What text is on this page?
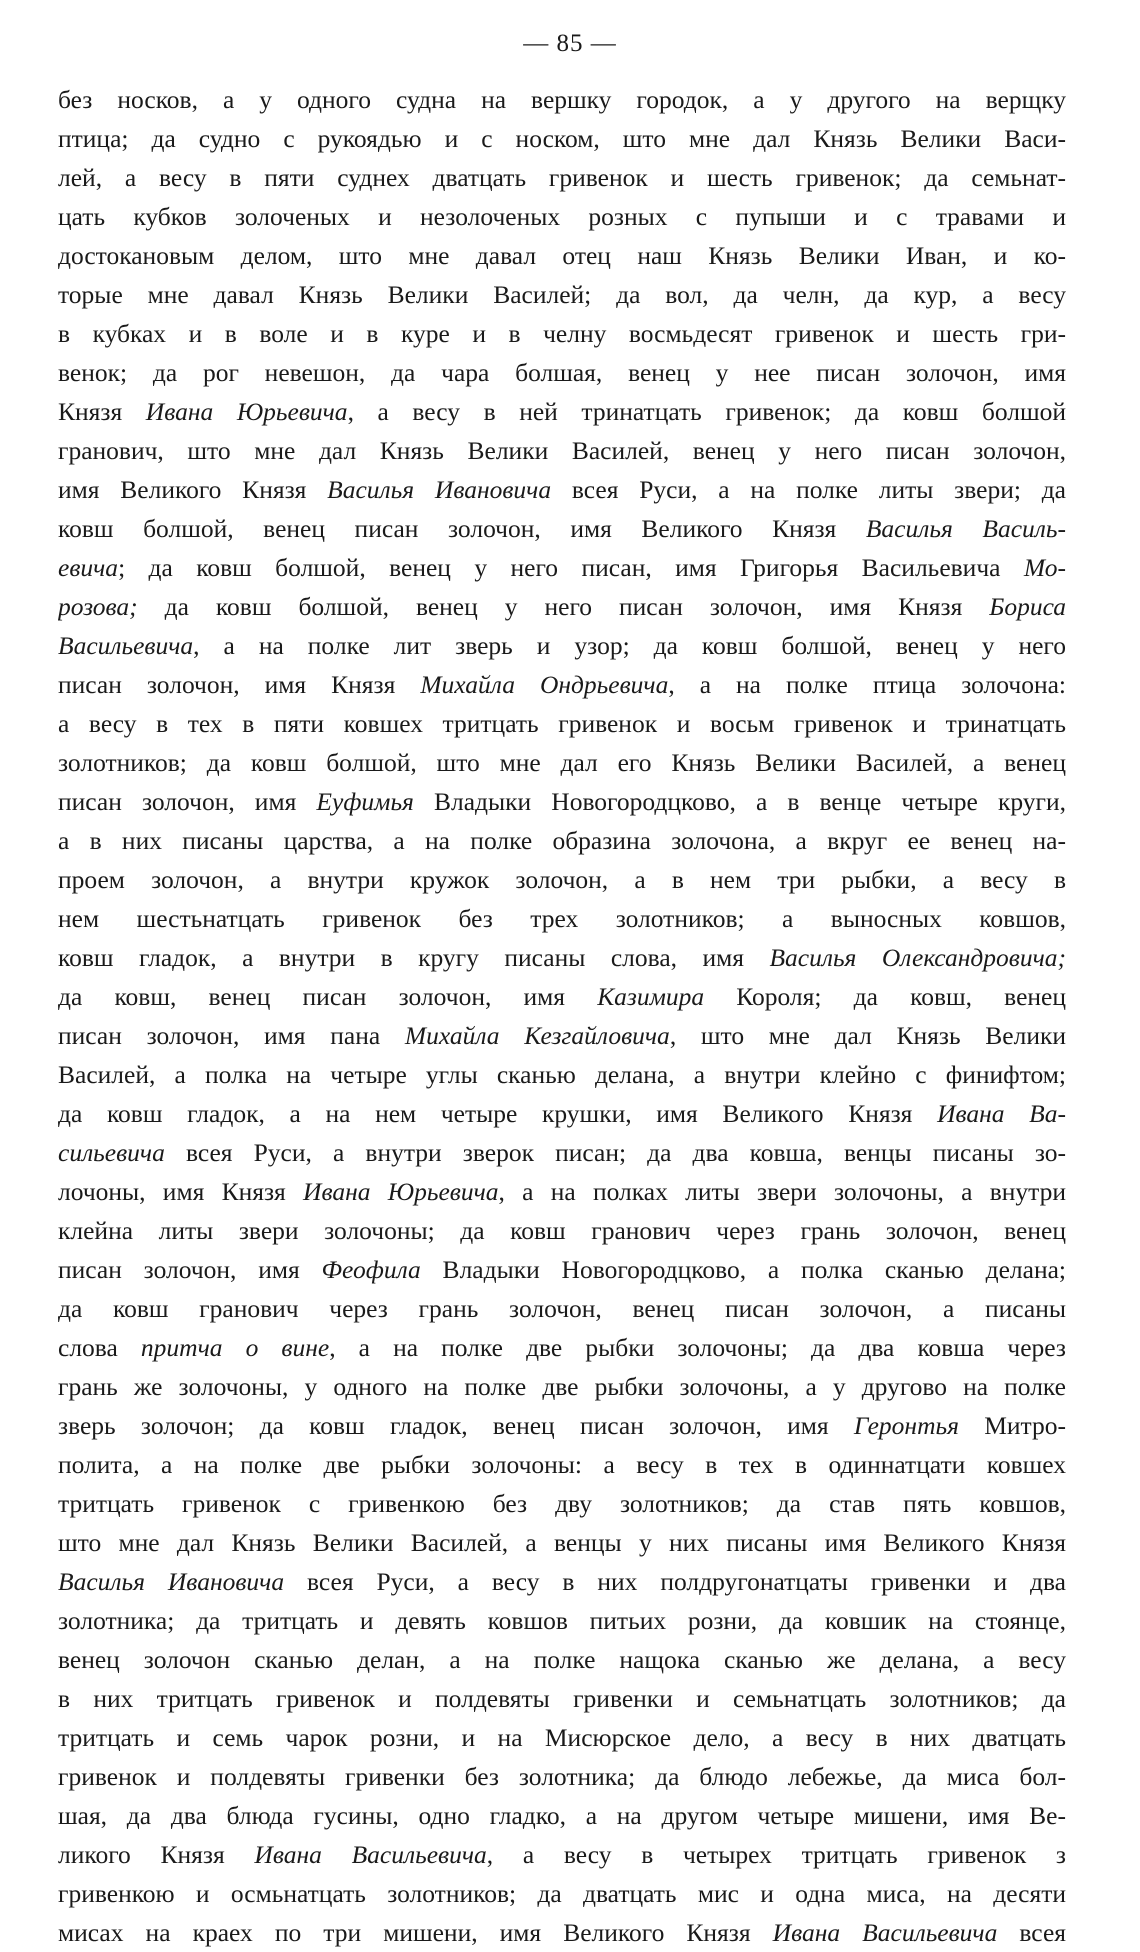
— 85 —
без носков, а у одного судна на вершку городок, а у другого на верщку
птица; да судно с рукоядью и с носком, што мне дал Князь Велики Васи-
лей, а весу в пяти суднех дватцать гривенок и шесть гривенок; да семьнат-
цать кубков золоченых и незолоченых розных с пупыши и с травами и
достокановым делом, што мне давал отец наш Князь Велики Иван, и ко-
торые мне давал Князь Велики Василей; да вол, да челн, да кур, а весу
в кубках и в воле и в куре и в челну восмьдесят гривенок и шесть гри-
венок; да рог невешон, да чара болшая, венец у нее писан золочон, имя
Князя Ивана Юрьевича, а весу в ней тринатцать гривенок; да ковш болшой
гранович, што мне дал Князь Велики Василей, венец у него писан золочон,
имя Великого Князя Василья Ивановича всея Руси, а на полке литы звери; да
ковш болшой, венец писан золочон, имя Великого Князя Василья Василь-
евича; да ковш болшой, венец у него писан, имя Григорья Васильевича Мо-
розова; да ковш болшой, венец у него писан золочон, имя Князя Бориса
Васильевича, а на полке лит зверь и узор; да ковш болшой, венец у него
писан золочон, имя Князя Михайла Ондрьевича, а на полке птица золочона:
а весу в тех в пяти ковшех тритцать гривенок и восьм гривенок и тринатцать
золотников; да ковш болшой, што мне дал его Князь Велики Василей, а венец
писан золочон, имя Еуфимья Владыки Новогородцково, а в венце четыре круги,
а в них писаны царства, а на полке образина золочона, а вкруг ее венец на-
проем золочон, а внутри кружок золочон, а в нем три рыбки, а весу в
нем шестьнатцать гривенок без трех золотников; а выносных ковшов,
ковш гладок, а внутри в кругу писаны слова, имя Василья Олександровича;
да ковш, венец писан золочон, имя Казимира Короля; да ковш, венец
писан золочон, имя пана Михайла Кезгайловича, што мне дал Князь Велики
Василей, а полка на четыре углы сканью делана, а внутри клейно с финифтом;
да ковш гладок, а на нем четыре крушки, имя Великого Князя Ивана Ва-
сильевича всея Руси, а внутри зверок писан; да два ковша, венцы писаны зо-
лочоны, имя Князя Ивана Юрьевича, а на полках литы звери золочоны, а внутри
клейна литы звери золочоны; да ковш гранович через грань золочон, венец
писан золочон, имя Феофила Владыки Новогородцково, а полка сканью делана;
да ковш гранович через грань золочон, венец писан золочон, а писаны
слова притча о вине, а на полке две рыбки золочоны; да два ковша через
грань же золочоны, у одного на полке две рыбки золочоны, а у другово на полке
зверь золочон; да ковш гладок, венец писан золочон, имя Геронтья Митро-
полита, а на полке две рыбки золочоны: а весу в тех в одиннатцати ковшех
тритцать гривенок с гривенкою без дву золотников; да став пять ковшов,
што мне дал Князь Велики Василей, а венцы у них писаны имя Великого Князя
Василья Ивановича всея Руси, а весу в них полдругонатцаты гривенки и два
золотника; да тритцать и девять ковшов питьих розни, да ковшик на стоянце,
венец золочон сканью делан, а на полке нащока сканью же делана, а весу
в них тритцать гривенок и полдевяты гривенки и семьнатцать золотников; да
тритцать и семь чарок розни, и на Мисюрское дело, а весу в них дватцать
гривенок и полдевяты гривенки без золотника; да блюдо лебежье, да миса бол-
шая, да два блюда гусины, одно гладко, а на другом четыре мишени, имя Ве-
ликого Князя Ивана Васильевича, а весу в четырех тритцать гривенок з
гривенкою и осмьнатцать золотников; да дватцать мис и одна миса, на десяти
мисах на краех по три мишени, имя Великого Князя Ивана Васильевича всея
